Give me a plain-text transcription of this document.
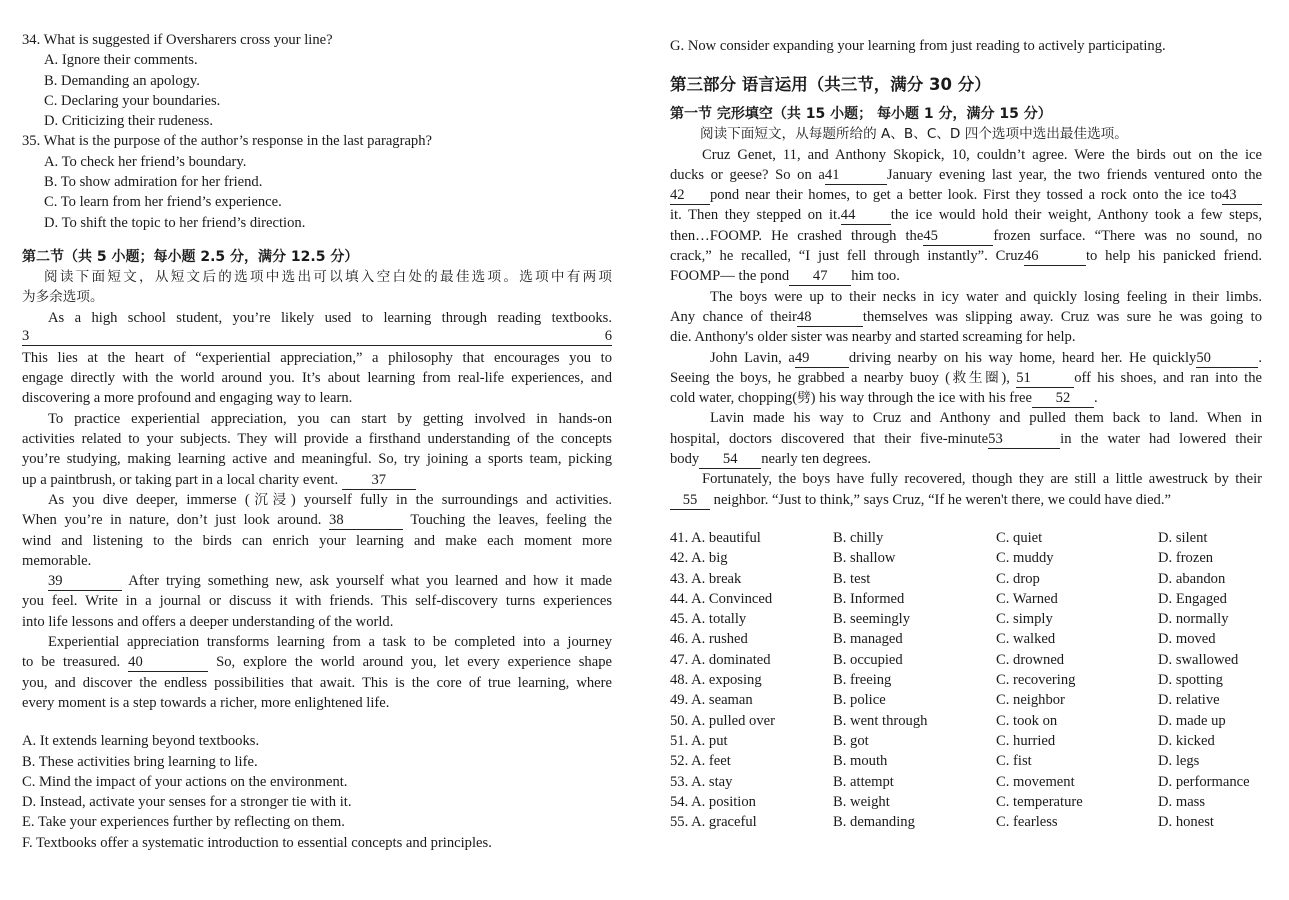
34. What is suggested if Oversharers cross your line?
A. Ignore their comments.
B. Demanding an apology.
C. Declaring your boundaries.
D. Criticizing their rudeness.
35. What is the purpose of the author’s response in the last paragraph?
A. To check her friend’s boundary.
B. To show admiration for her friend.
C. To learn from her friend’s experience.
D. To shift the topic to her friend’s direction.
第二节（共 5 小题；每小题 2.5 分，满分 12.5 分）
阅读下面短文，从短文后的选项中选出可以填入空白处的最佳选项。选项中有两项
为多余选项。
As a high school student, you’re likely used to learning through reading textbooks.
3	6
This lies at the heart of “experiential appreciation,” a philosophy that encourages you to
engage directly with the world around you. It’s about learning from real-life experiences, and
discovering a more profound and engaging way to learn.
To practice experiential appreciation, you can start by getting involved in hands-on
activities related to your subjects. They will provide a firsthand understanding of the concepts
you’re studying, making learning active and meaningful. So, try joining a sports team, picking
up a paintbrush, or taking part in a local charity event. 37
As you dive deeper, immerse (沉浸) yourself fully in the surroundings and activities.
When you’re in nature, don’t just look around. 38	Touching the leaves, feeling the
wind and listening to the birds can enrich your learning and make each moment more
memorable.
39	After trying something new, ask yourself what you learned and how it made
you feel. Write in a journal or discuss it with friends. This self-discovery turns experiences
into life lessons and offers a deeper understanding of the world.
Experiential appreciation transforms learning from a task to be completed into a journey
to be treasured. 40	So, explore the world around you, let every experience shape
you, and discover the endless possibilities that await. This is the core of true learning, where
every moment is a step towards a richer, more enlightened life.
A. It extends learning beyond textbooks.
B. These activities bring learning to life.
C. Mind the impact of your actions on the environment.
D. Instead, activate your senses for a stronger tie with it.
E. Take your experiences further by reflecting on them.
F. Textbooks offer a systematic introduction to essential concepts and principles.
G. Now consider expanding your learning from just reading to actively participating.
第三部分 语言运用（共三节，满分 30 分）
第一节 完形填空（共 15 小题； 每小题 1 分，满分 15 分）
阅读下面短文，从每题所给的 A、B、C、D 四个选项中选出最佳选项。
Cruz Genet, 11, and Anthony Skopick, 10, couldn’t agree. Were the birds out on the ice
ducks or geese? So on a41	January evening last year, the two friends ventured onto the
42 pond near their homes, to get a better look. First they tossed a rock onto the ice to43
it. Then they stepped on it.44 the ice would hold their weight, Anthony took a few steps,
then…FOOMP. He crashed through the45	frozen surface. “There was no sound, no
crack,” he recalled, “I just fell through instantly”. Cruz46	to help his panicked friend.
FOOMP— the pond 47 him too.
The boys were up to their necks in icy water and quickly losing feeling in their limbs.
Any chance of their48	themselves was slipping away. Cruz was sure he was going to
die. Anthony's older sister was nearby and started screaming for help.
John Lavin, a49	driving nearby on his way home, heard her. He quickly50	.
Seeing the boys, he grabbed a nearby buoy (救生圈), 51	off his shoes, and ran into the
cold water, chopping(劈) his way through the ice with his free 52 .
Lavin made his way to Cruz and Anthony and pulled them back to land. When in
hospital, doctors discovered that their five-minute53	in the water had lowered their
body 54 nearly ten degrees.
Fortunately, the boys have fully recovered, though they are still a little awestruck by their
55 neighbor. “Just to think,” says Cruz, “If he weren't there, we could have died.”
41. A. beautiful	B. chilly	C. quiet	D. silent
42. A. big	B. shallow	C. muddy	D. frozen
43. A. break	B. test	C. drop	D. abandon
44. A. Convinced	B. Informed	C. Warned	D. Engaged
45. A. totally	B. seemingly	C. simply	D. normally
46. A. rushed	B. managed	C. walked	D. moved
47. A. dominated	B. occupied	C. drowned	D. swallowed
48. A. exposing	B. freeing	C. recovering	D. spotting
49. A. seaman	B. police	C. neighbor	D. relative
50. A. pulled over	B. went through	C. took on	D. made up
51. A. put	B. got	C. hurried	D. kicked
52. A. feet	B. mouth	C. fist	D. legs
53. A. stay	B. attempt	C. movement	D. performance
54. A. position	B. weight	C. temperature	D. mass
55. A. graceful	B. demanding	C. fearless	D. honest
